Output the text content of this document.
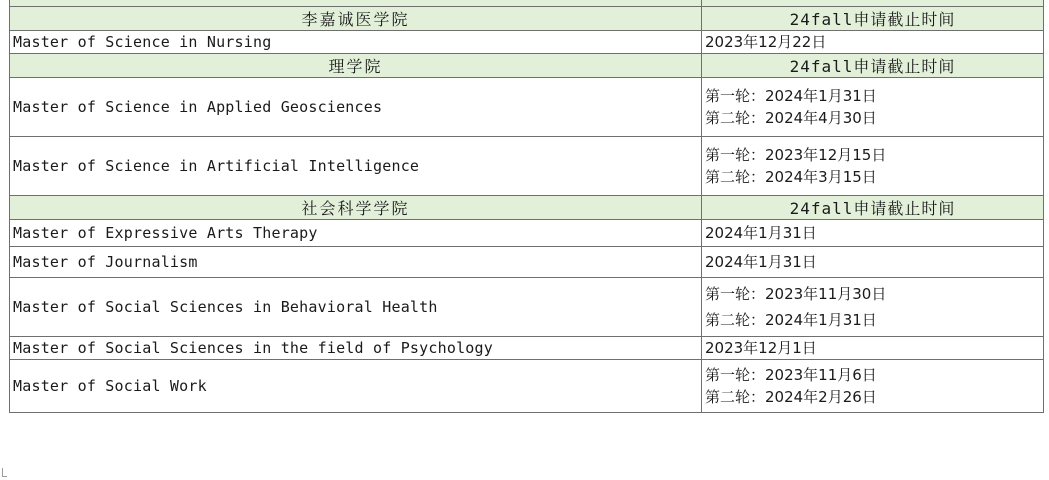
李嘉诚医学院	24fall申请截止时间
Master of Science in Nursing	2023年12月22日

理学院	24fall申请截止时间
Master of Science in Applied Geosciences	第一轮：2024年1月31日
第二轮：2024年4月30日

Master of Science in Artificial Intelligence	第一轮：2023年12月15日
第二轮：2024年3月15日

社会科学学院	24fall申请截止时间
Master of Expressive Arts Therapy	2024年1月31日

Master of Journalism	2024年1月31日

Master of Social Sciences in Behavioral Health	第一轮：2023年11月30日
第二轮：2024年1月31日

Master of Social Sciences in the field of Psychology	2023年12月1日

Master of Social Work	第一轮：2023年11月6日
第二轮：2024年2月26日
